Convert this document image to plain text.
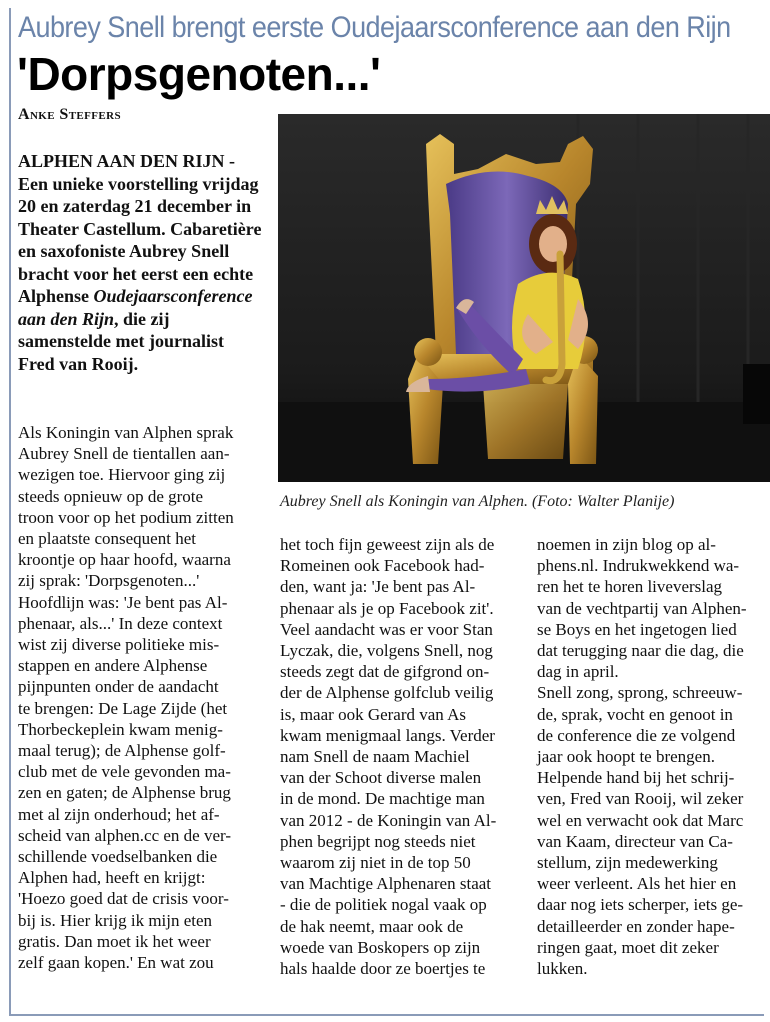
Aubrey Snell brengt eerste Oudejaarsconference aan den Rijn
'Dorpsgenoten...'
Anke Steffers
ALPHEN AAN DEN RIJN - Een unieke voorstelling vrijdag 20 en zaterdag 21 december in Theater Castellum. Cabaretière en saxofoniste Aubrey Snell bracht voor het eerst een echte Alphense Oudejaarsconference aan den Rijn, die zij samenstelde met journalist Fred van Rooij.

Als Koningin van Alphen sprak

Aubrey Snell de tientallen aan-

wezigen toe. Hiervoor ging zij

steeds opnieuw op de grote

troon voor op het podium zitten

en plaatste consequent het

kroontje op haar hoofd, waarna

zij sprak: 'Dorpsgenoten...'

Hoofdlijn was: 'Je bent pas Al-

phenaar, als...' In deze context

wist zij diverse politieke mis-

stappen en andere Alphense

pijnpunten onder de aandacht

te brengen: De Lage Zijde (het

Thorbeckeplein kwam menig-

maal terug); de Alphense golf-

club met de vele gevonden ma-

zen en gaten; de Alphense brug

met al zijn onderhoud; het af-

scheid van alphen.cc en de ver-

schillende voedselbanken die

Alphen had, heeft en krijgt:

'Hoezo goed dat de crisis voor-

bij is. Hier krijg ik mijn eten

gratis. Dan moet ik het weer

zelf gaan kopen.' En wat zou

het toch fijn geweest zijn als de

Romeinen ook Facebook had-

den, want ja: 'Je bent pas Al-

phenaar als je op Facebook zit'.

Veel aandacht was er voor Stan

Lyczak, die, volgens Snell, nog

steeds zegt dat de gifgrond on-

der de Alphense golfclub veilig

is, maar ook Gerard van As

kwam menigmaal langs. Verder

nam Snell de naam Machiel

van der Schoot diverse malen

in de mond. De machtige man

van 2012 - de Koningin van Al-

phen begrijpt nog steeds niet

waarom zij niet in de top 50

van Machtige Alphenaren staat

- die de politiek nogal vaak op

de hak neemt, maar ook de

woede van Boskopers op zijn

hals haalde door ze boertjes te

noemen in zijn blog op al-

phens.nl. Indrukwekkend wa-

ren het te horen liveverslag

van de vechtpartij van Alphen-

se Boys en het ingetogen lied

dat terugging naar die dag, die

dag in april.

Snell zong, sprong, schreeuw-

de, sprak, vocht en genoot in

de conference die ze volgend

jaar ook hoopt te brengen.

Helpende hand bij het schrij-

ven, Fred van Rooij, wil zeker

wel en verwacht ook dat Marc

van Kaam, directeur van Ca-

stellum, zijn medewerking

weer verleent. Als het hier en

daar nog iets scherper, iets ge-

detailleerder en zonder hape-

ringen gaat, moet dit zeker

lukken.

Aubrey Snell als Koningin van Alphen. (Foto: Walter Planije)
